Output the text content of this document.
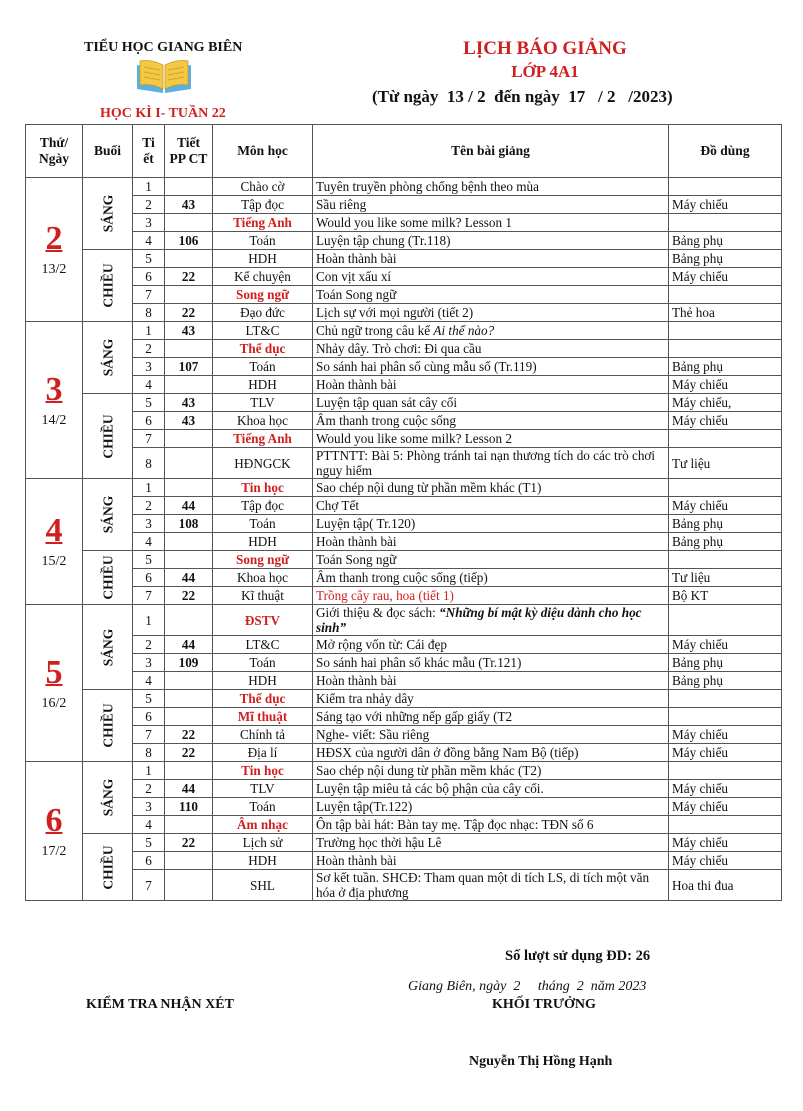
TIỂU HỌC GIANG BIÊN
HỌC KÌ I- TUẦN 22
LỊCH BÁO GIẢNG
LỚP 4A1
(Từ ngày  13 / 2  đến ngày  17   / 2   /2023)
Thứ/ Ngày	Buổi	Ti ết	Tiết PP CT	Môn học	Tên bài giảng	Đồ dùng

2
13/2	SÁNG	1		Chào cờ	Tuyên truyền phòng chống bệnh theo mùa	
		2	43	Tập đọc	Sầu riêng	Máy chiếu
		3		Tiếng Anh	Would you like some milk? Lesson 1	
		4	106	Toán	Luyện tập chung (Tr.118)	Bảng phụ
	CHIỀU	5		HDH	Hoàn thành bài	Bảng phụ
		6	22	Kể chuyện	Con vịt xấu xí	Máy chiếu
		7		Song ngữ	Toán Song ngữ	
		8	22	Đạo đức	Lịch sự với mọi người (tiết 2)	Thẻ hoa

3
14/2	SÁNG	1	43	LT&C	Chủ ngữ trong câu kể Ai thế nào?	
		2		Thể dục	Nhảy dây. Trò chơi: Đi qua cầu	
		3	107	Toán	So sánh hai phân số cùng mẫu số (Tr.119)	Bảng phụ
		4		HDH	Hoàn thành bài	Máy chiếu
	CHIỀU	5	43	TLV	Luyện tập quan sát cây cối	Máy chiếu,
		6	43	Khoa học	Âm thanh trong cuộc sống	Máy chiếu
		7		Tiếng Anh	Would you like some milk? Lesson 2	
		8		HĐNGCK	PTTNTT: Bài 5: Phòng tránh tai nạn thương tích do các trò chơi nguy hiểm	Tư liệu

4
15/2	SÁNG	1		Tin học	Sao chép nội dung từ phần mềm khác (T1)	
		2	44	Tập đọc	Chợ Tết	Máy chiếu
		3	108	Toán	Luyện tập( Tr.120)	Bảng phụ
		4		HDH	Hoàn thành bài	Bảng phụ
	CHIỀU	5		Song ngữ	Toán Song ngữ	
		6	44	Khoa học	Âm thanh trong cuộc sống (tiếp)	Tư liệu
		7	22	Kĩ thuật	Trồng cây rau, hoa (tiết 1)	Bộ KT

5
16/2	SÁNG	1		ĐSTV	Giới thiệu & đọc sách: “Những bí mật kỳ diệu dành cho học sinh”	
		2	44	LT&C	Mở rộng vốn từ: Cái đẹp	Máy chiếu
		3	109	Toán	So sánh hai phân số khác mẫu (Tr.121)	Bảng phụ
		4		HDH	Hoàn thành bài	Bảng phụ
	CHIỀU	5		Thể dục	Kiểm tra nhảy dây	
		6		Mĩ thuật	Sáng tạo với những nếp gấp giấy (T2	
		7	22	Chính tả	Nghe- viết: Sầu riêng	Máy chiếu
		8	22	Địa lí	HĐSX của người dân ở đồng bằng Nam Bộ (tiếp)	Máy chiếu

6
17/2	SÁNG	1		Tin học	Sao chép nội dung từ phần mềm khác (T2)	
		2	44	TLV	Luyện tập miêu tả các bộ phận của cây cối.	Máy chiếu
		3	110	Toán	Luyện tập(Tr.122)	Máy chiếu
		4		Âm nhạc	Ôn tập bài hát: Bàn tay mẹ. Tập đọc nhạc: TĐN số 6	
	CHIỀU	5	22	Lịch sử	Trường học thời hậu Lê	Máy chiếu
		6		HDH	Hoàn thành bài	Máy chiếu
		7		SHL	Sơ kết tuần. SHCĐ: Tham quan một di tích LS, di tích một văn hóa ở địa phương	Hoa thi đua
Số lượt sử dụng ĐD: 26
Giang Biên, ngày  2     tháng  2  năm 2023
KIỂM TRA NHẬN XÉT	KHỐI TRƯỞNG
Nguyễn Thị Hồng Hạnh
